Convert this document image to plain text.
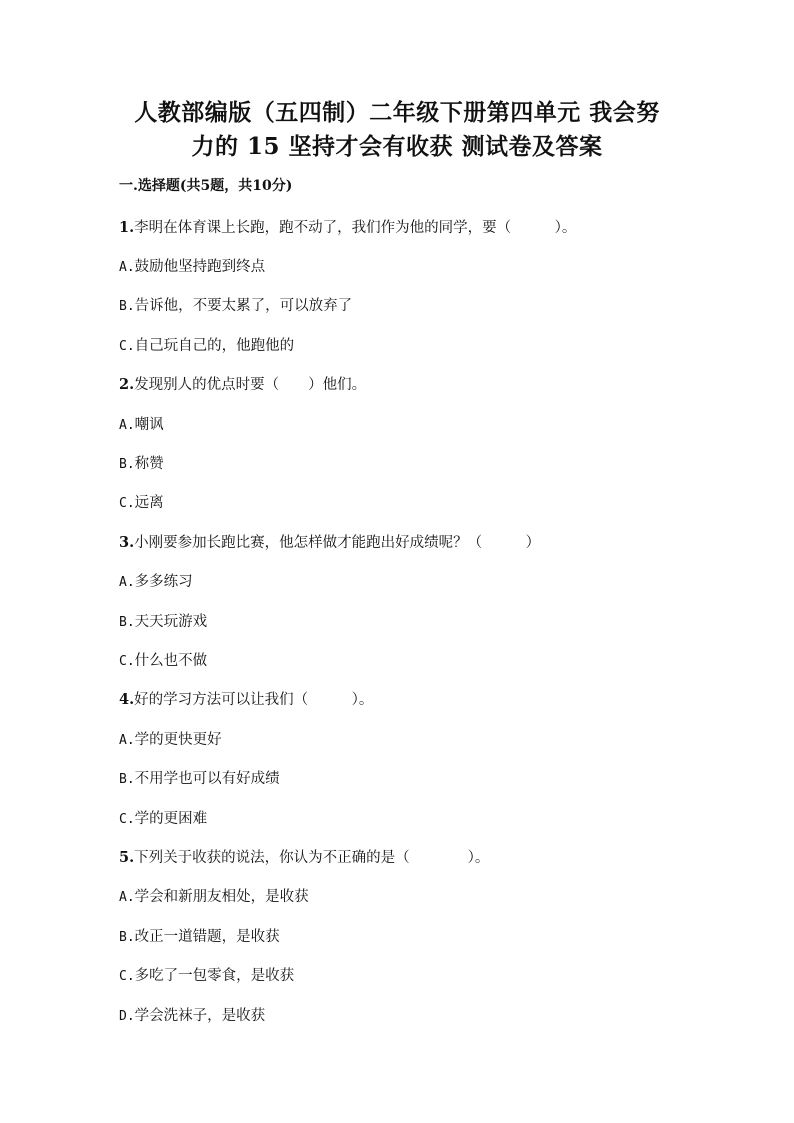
人教部编版（五四制）二年级下册第四单元 我会努
力的 15 坚持才会有收获 测试卷及答案
一.选择题(共5题，共10分)
1.李明在体育课上长跑，跑不动了，我们作为他的同学，要（　　　）。
A.鼓励他坚持跑到终点
B.告诉他，不要太累了，可以放弃了
C.自己玩自己的，他跑他的
2.发现别人的优点时要（　　）他们。
A.嘲讽
B.称赞
C.远离
3.小刚要参加长跑比赛，他怎样做才能跑出好成绩呢？（　　　）
A.多多练习
B.天天玩游戏
C.什么也不做
4.好的学习方法可以让我们（　　　）。
A.学的更快更好
B.不用学也可以有好成绩
C.学的更困难
5.下列关于收获的说法，你认为不正确的是（　　　　）。
A.学会和新朋友相处，是收获
B.改正一道错题，是收获
C.多吃了一包零食，是收获
D.学会洗袜子，是收获
